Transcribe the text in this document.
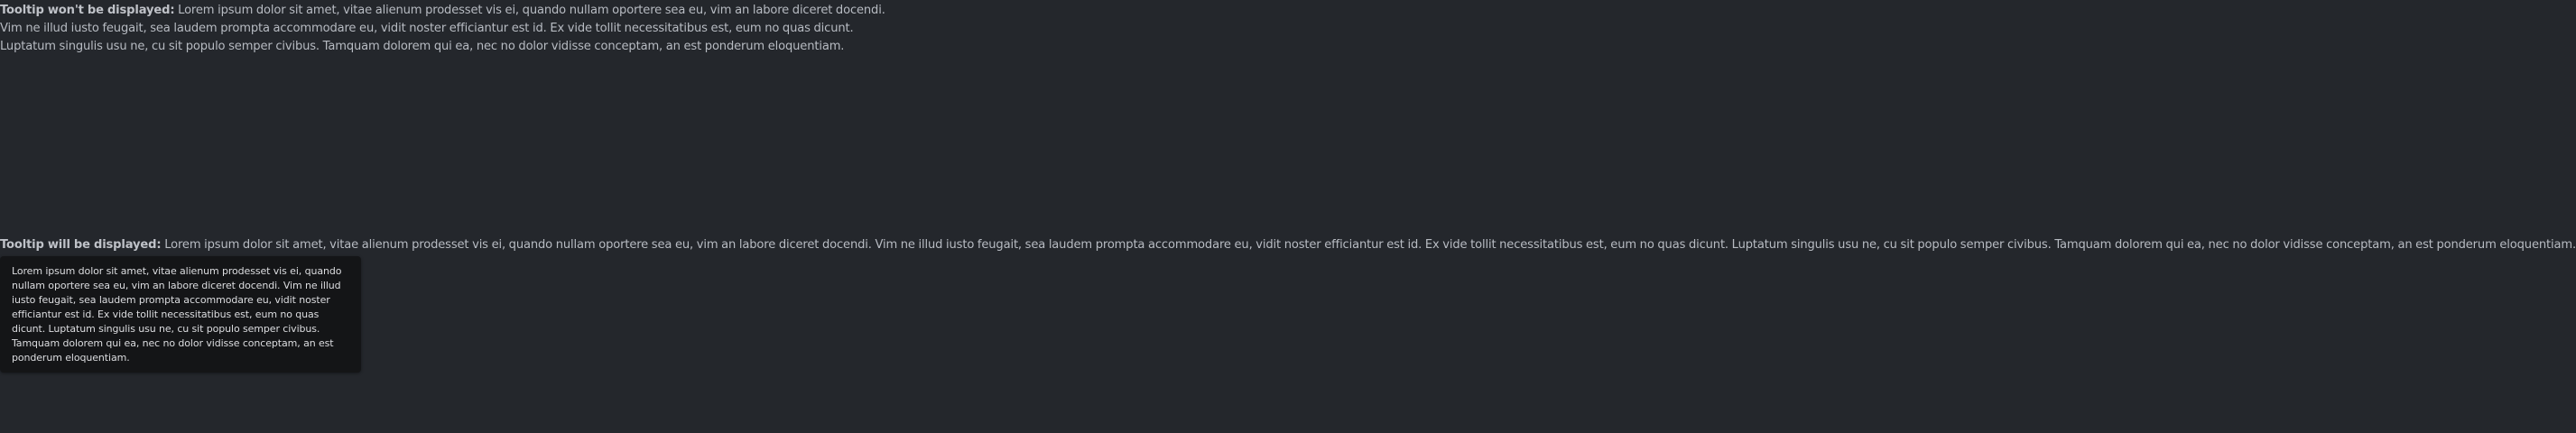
Tooltip won't be displayed: Lorem ipsum dolor sit amet, vitae alienum prodesset vis ei, quando nullam oportere sea eu, vim an labore diceret docendi. Vim ne illud iusto feugait, sea laudem prompta accommodare eu, vidit noster efficiantur est id. Ex vide tollit necessitatibus est, eum no quas dicunt. Luptatum singulis usu ne, cu sit populo semper civibus. Tamquam dolorem qui ea, nec no dolor vidisse conceptam, an est ponderum eloquentiam.
Tooltip will be displayed: Lorem ipsum dolor sit amet, vitae alienum prodesset vis ei, quando nullam oportere sea eu, vim an labore diceret docendi. Vim ne illud iusto feugait, sea laudem prompta accommodare eu, vidit noster efficiantur est id. Ex vide tollit necessitatibus est, eum no quas dicunt. Luptatum singulis usu ne, cu sit populo semper civibus. Tamquam dolorem qui ea, nec no dolor vidisse conceptam, an est ponderum eloquentiam.
Lorem ipsum dolor sit amet, vitae alienum prodesset vis ei, quando nullam oportere sea eu, vim an labore diceret docendi. Vim ne illud iusto feugait, sea laudem prompta accommodare eu, vidit noster efficiantur est id. Ex vide tollit necessitatibus est, eum no quas dicunt. Luptatum singulis usu ne, cu sit populo semper civibus. Tamquam dolorem qui ea, nec no dolor vidisse conceptam, an est ponderum eloquentiam.
